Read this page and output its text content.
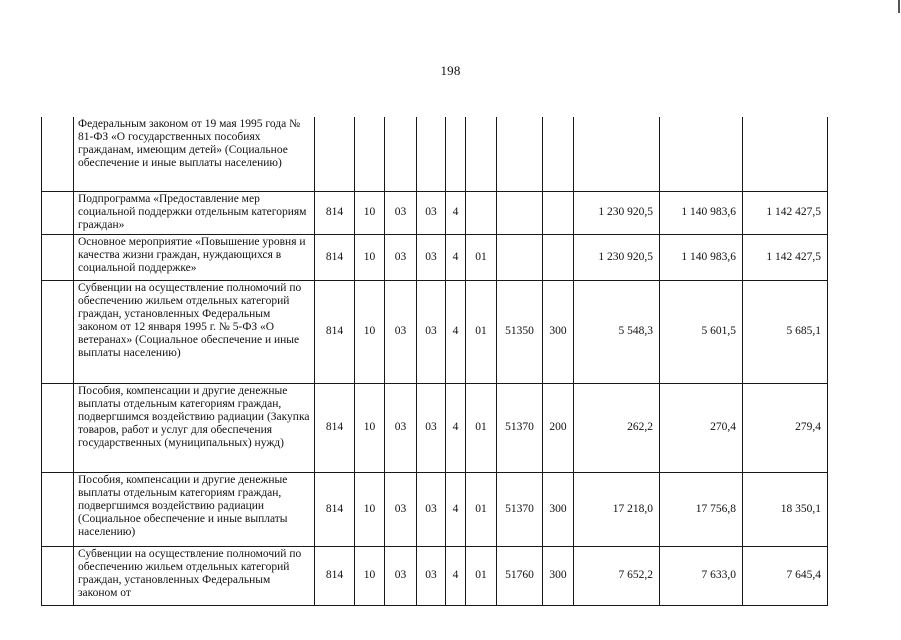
198
	Федеральным законом от 19 мая 1995 года № 81-ФЗ «О государственных пособиях гражданам, имеющим детей» (Социальное обеспечение и иные выплаты населению)											
	Подпрограмма «Предоставление мер социальной поддержки отдельным категориям граждан»	814	10	03	03	4				1 230 920,5	1 140 983,6	1 142 427,5
	Основное мероприятие «Повышение уровня и качества жизни граждан, нуждающихся в социальной поддержке»	814	10	03	03	4	01			1 230 920,5	1 140 983,6	1 142 427,5
	Субвенции на осуществление полномочий по обеспечению жильем отдельных категорий граждан, установленных Федеральным законом от 12 января 1995 г. № 5-ФЗ «О ветеранах» (Социальное обеспечение и иные выплаты населению)	814	10	03	03	4	01	51350	300	5 548,3	5 601,5	5 685,1
	Пособия, компенсации и другие денежные выплаты отдельным категориям граждан, подвергшимся воздействию радиации (Закупка товаров, работ и услуг для обеспечения государственных (муниципальных) нужд)	814	10	03	03	4	01	51370	200	262,2	270,4	279,4
	Пособия, компенсации и другие денежные выплаты отдельным категориям граждан, подвергшимся воздействию радиации (Социальное обеспечение и иные выплаты населению)	814	10	03	03	4	01	51370	300	17 218,0	17 756,8	18 350,1
	Субвенции на осуществление полномочий по обеспечению жильем отдельных категорий граждан, установленных Федеральным законом от	814	10	03	03	4	01	51760	300	7 652,2	7 633,0	7 645,4
